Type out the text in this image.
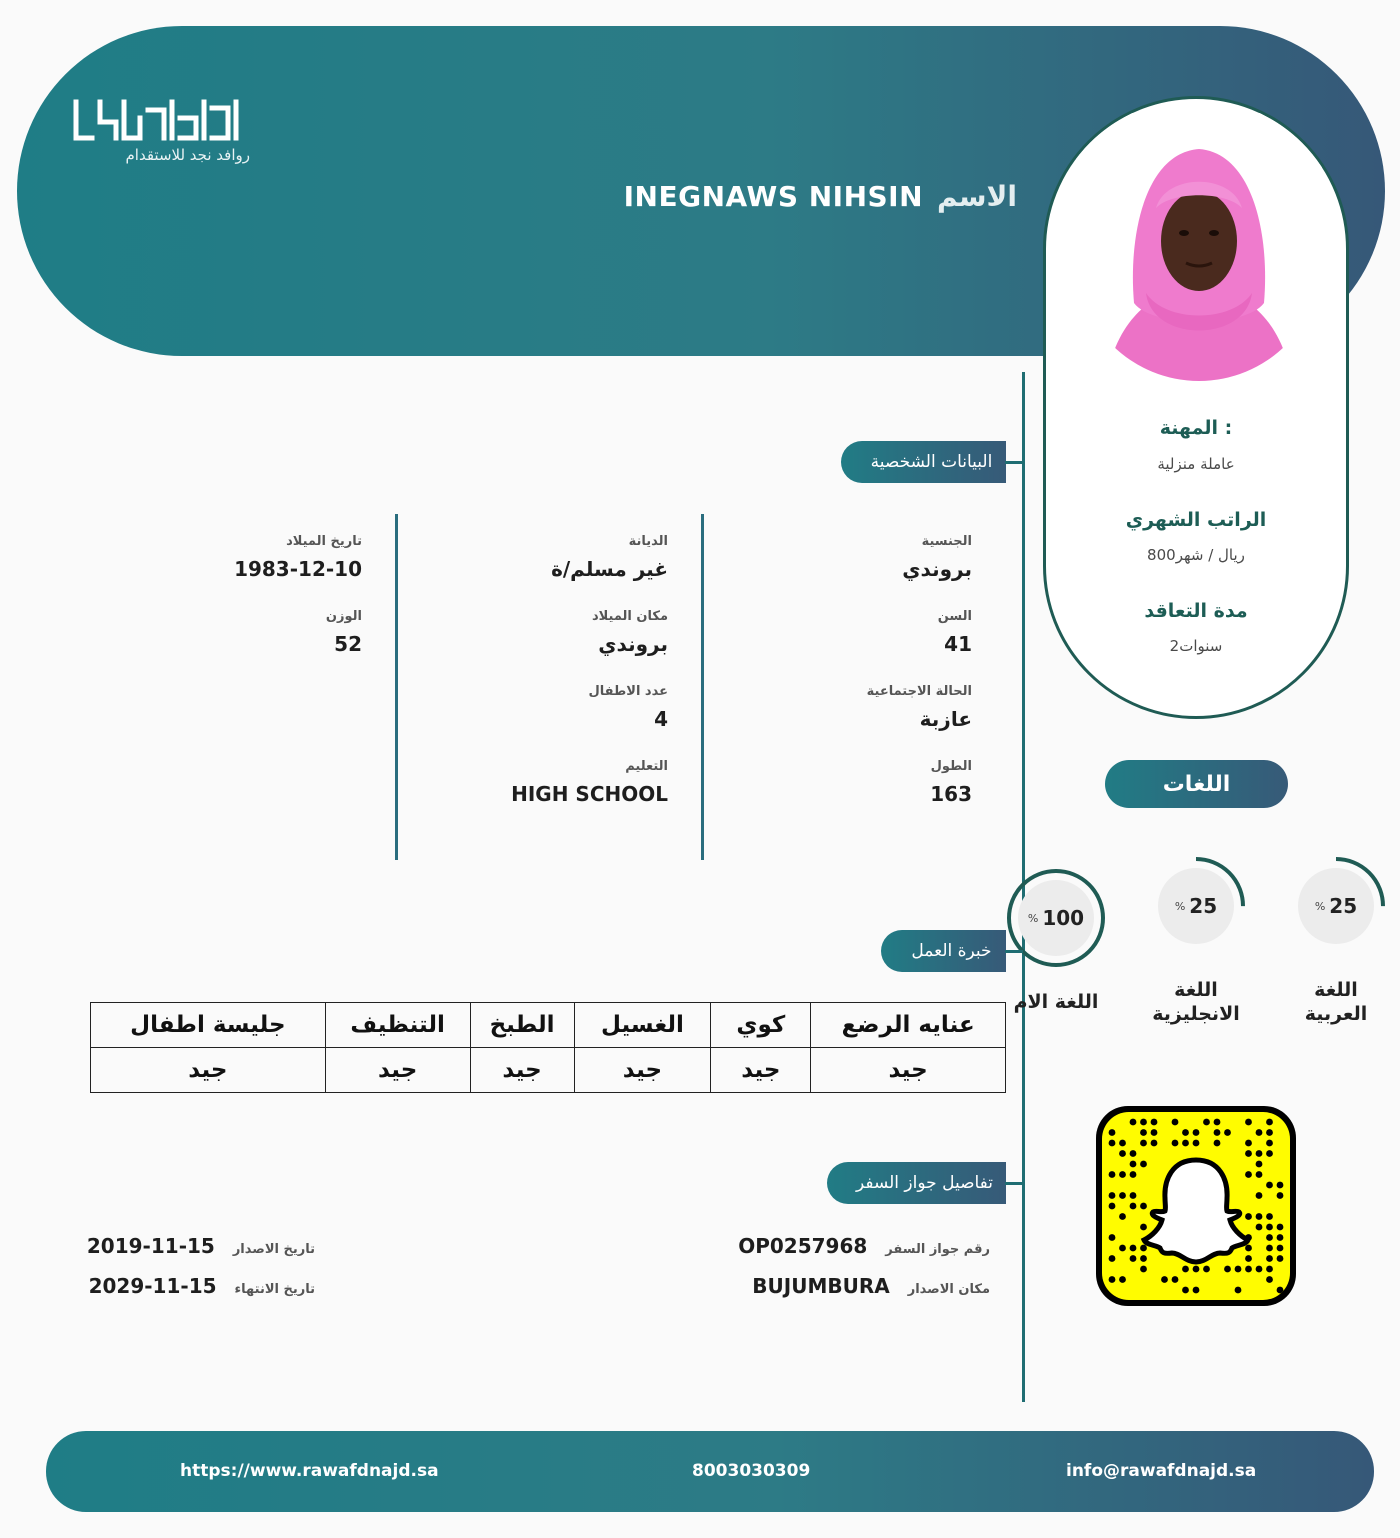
روافد نجد للاستقدام
INEGNAWS NIHSIN الاسم
المهنة :
عاملة منزلية
الراتب الشهري
800ريال / شهر
مدة التعاقد
2سنوات
البيانات الشخصية
الجنسية
بروندي
السن
41
الحالة الاجتماعية
عازبة
الطول
163
الديانة
غير مسلم/ة
مكان الميلاد
بروندي
عدد الاطفال
4
التعليم
HIGH SCHOOL
تاريخ الميلاد
1983-12-10
الوزن
52
اللغات
% 100
اللغة الام
% 25
اللغة الانجليزية
% 25
اللغة العربية
خبرة العمل
عنايه الرضع	كوي	الغسيل	الطبخ	التنظيف	جليسة اطفال
جيد	جيد	جيد	جيد	جيد	جيد
تفاصيل جواز السفر
رقم جواز السفر
OP0257968
مكان الاصدار
BUJUMBURA
تاريخ الاصدار
2019-11-15
تاريخ الانتهاء
2029-11-15
https://www.rawafdnajd.sa	8003030309	info@rawafdnajd.sa
